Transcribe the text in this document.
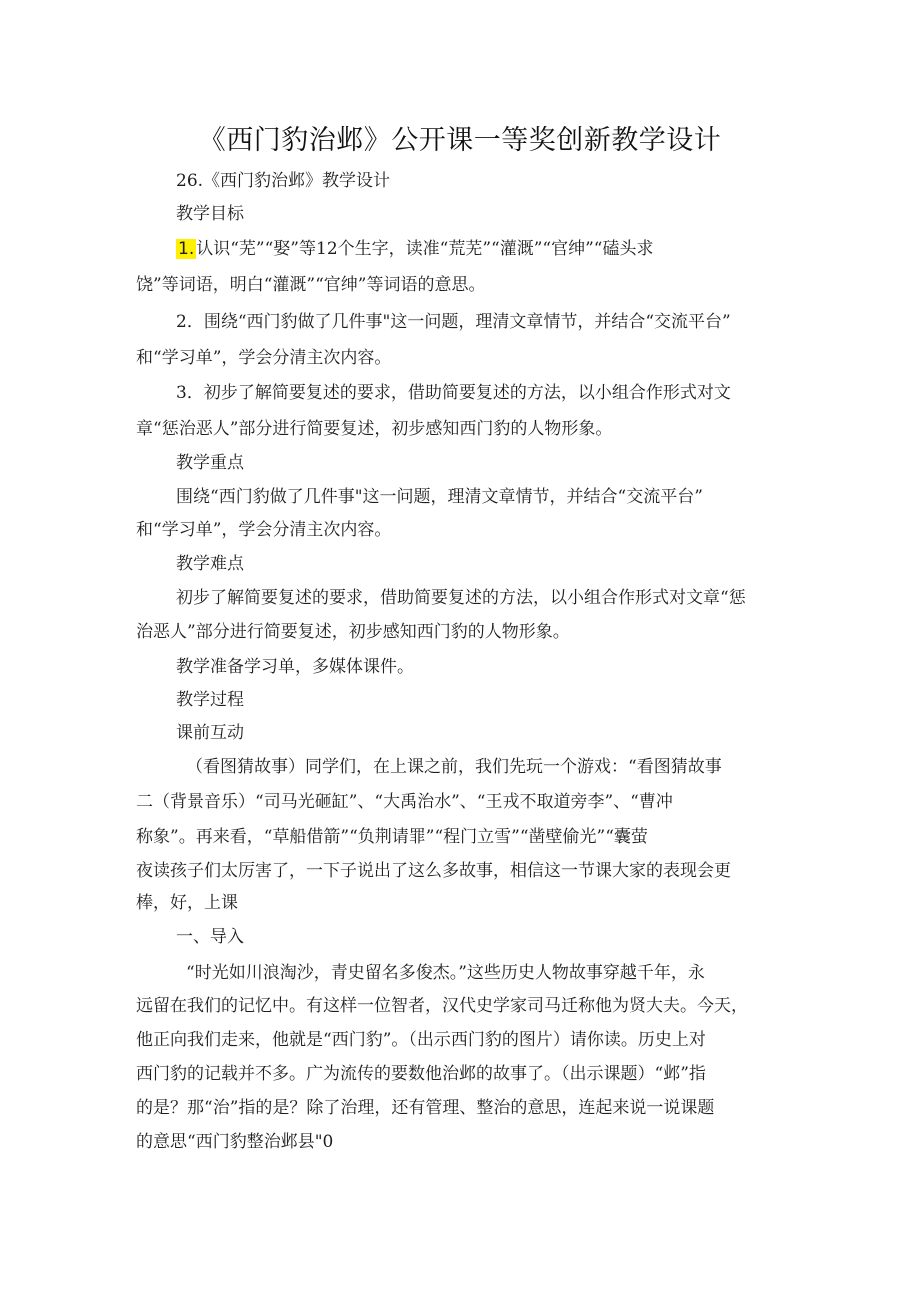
《西门豹治邺》公开课一等奖创新教学设计
26.《西门豹治邺》教学设计
教学目标
1. 认识“芜”“娶”等12个生字，读准“荒芜”“灌溉”“官绅”“磕头求
饶”等词语，明白“灌溉”“官绅”等词语的意思。
2．围绕“西门豹做了几件事"这一问题，理清文章情节，并结合“交流平台”
和“学习单”，学会分清主次内容。
3．初步了解简要复述的要求，借助简要复述的方法，以小组合作形式对文
章“惩治恶人”部分进行简要复述，初步感知西门豹的人物形象。
教学重点
围绕“西门豹做了几件事"这一问题，理清文章情节，并结合“交流平台”
和“学习单”，学会分清主次内容。
教学难点
初步了解简要复述的要求，借助简要复述的方法，以小组合作形式对文章“惩
治恶人”部分进行简要复述，初步感知西门豹的人物形象。
教学准备学习单，多媒体课件。
教学过程
课前互动
（看图猜故事）同学们，在上课之前，我们先玩一个游戏：“看图猜故事
二（背景音乐）“司马光砸缸”、“大禹治水”、“王戎不取道旁李”、“曹冲
称象”。再来看，“草船借箭”“负荆请罪”“程门立雪”“凿壁偷光”“囊萤
夜读孩子们太厉害了，一下子说出了这么多故事，相信这一节课大家的表现会更
棒，好，上课
一、导入
“时光如川浪淘沙，青史留名多俊杰。”这些历史人物故事穿越千年，永
远留在我们的记忆中。有这样一位智者，汉代史学家司马迁称他为贤大夫。今天，
他正向我们走来，他就是“西门豹”。（出示西门豹的图片）请你读。历史上对
西门豹的记载并不多。广为流传的要数他治邺的故事了。（出示课题）“邺”指
的是？那“治”指的是？除了治理，还有管理、整治的意思，连起来说一说课题
的意思“西门豹整治邺县"0
